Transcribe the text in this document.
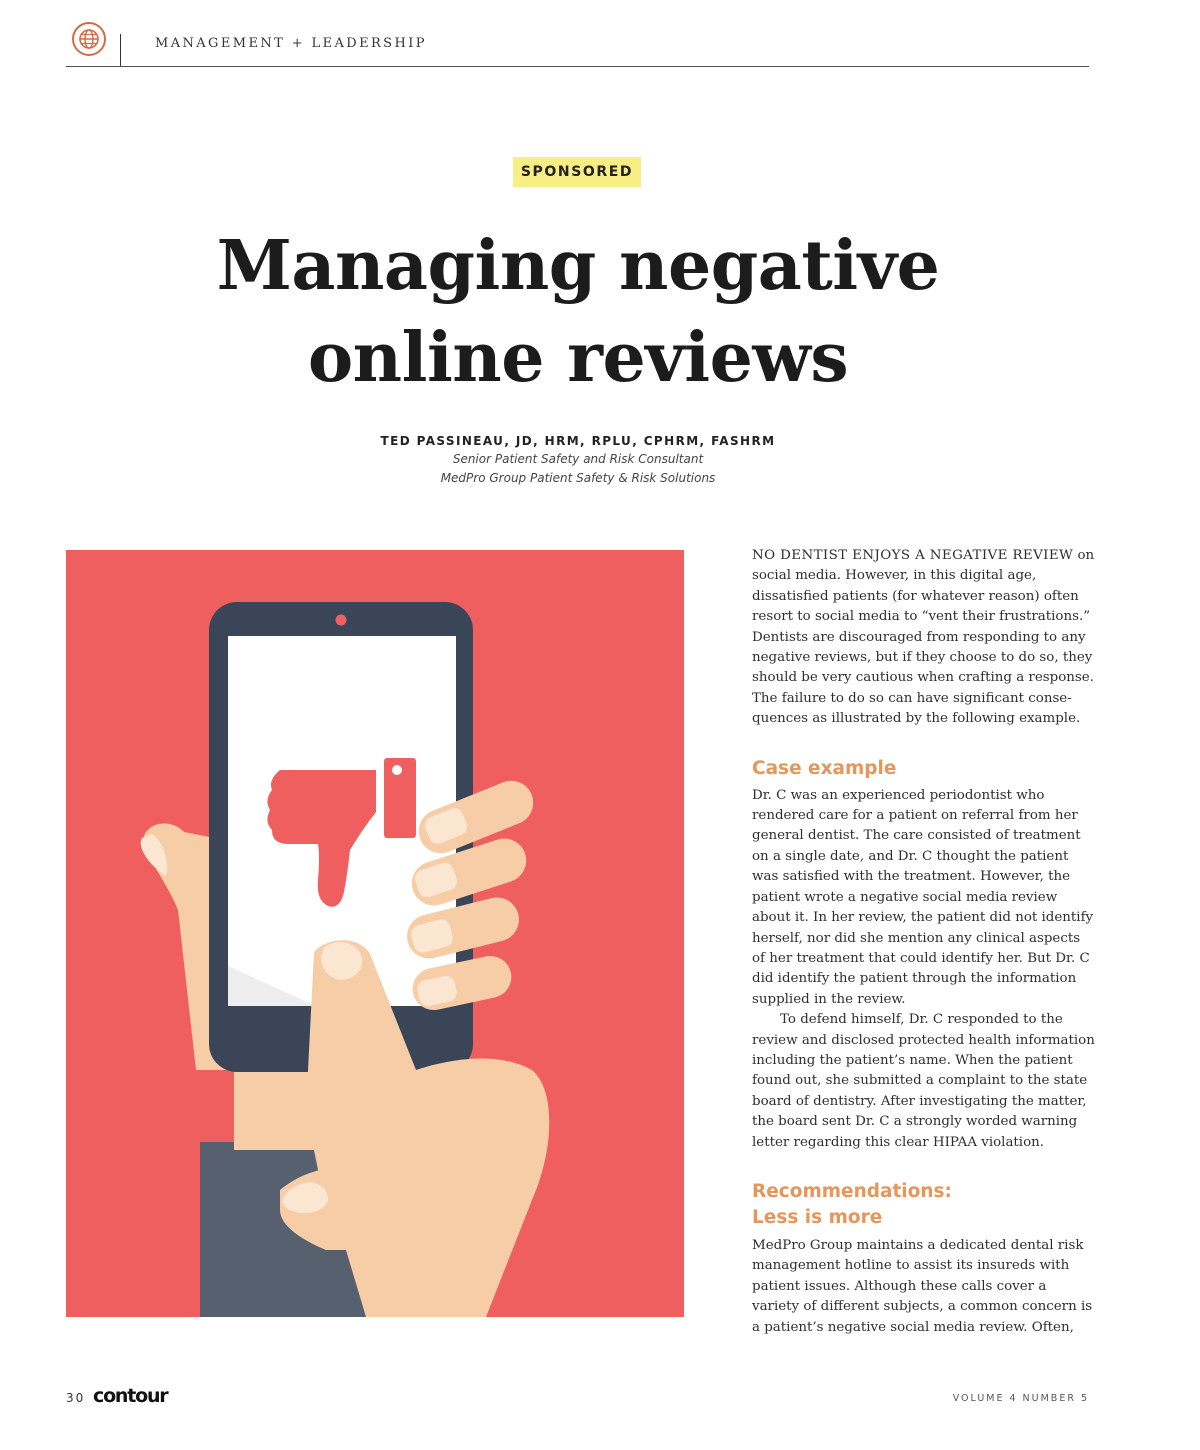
MANAGEMENT + LEADERSHIP
SPONSORED
Managing negative
online reviews
TED PASSINEAU, JD, HRM, RPLU, CPHRM, FASHRM
Senior Patient Safety and Risk Consultant
MedPro Group Patient Safety & Risk Solutions

NO DENTIST ENJOYS A NEGATIVE REVIEW on social media. However, in this digital age, dissatisfied patients (for whatever reason) often resort to social media to “vent their frustrations.” Dentists are discouraged from responding to any negative reviews, but if they choose to do so, they should be very cautious when crafting a response. The failure to do so can have significant consequences as illustrated by the following example.

Case example

Dr. C was an experienced periodontist who rendered care for a patient on referral from her general dentist. The care consisted of treatment on a single date, and Dr. C thought the patient was satisfied with the treatment. However, the patient wrote a negative social media review about it. In her review, the patient did not identify herself, nor did she mention any clinical aspects of her treatment that could identify her. But Dr. C did identify the patient through the information supplied in the review.

To defend himself, Dr. C responded to the review and disclosed protected health information including the patient’s name. When the patient found out, she submitted a complaint to the state board of dentistry. After investigating the matter, the board sent Dr. C a strongly worded warning letter regarding this clear HIPAA violation.

Recommendations:
Less is more

MedPro Group maintains a dedicated dental risk management hotline to assist its insureds with patient issues. Although these calls cover a variety of different subjects, a common concern is a patient’s negative social media review. Often,

30 contour	VOLUME 4 NUMBER 5
